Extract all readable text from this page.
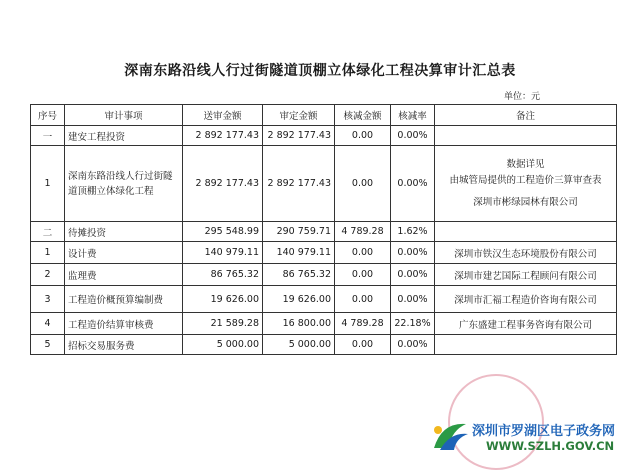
深南东路沿线人行过街隧道顶棚立体绿化工程决算审计汇总表
单位：元
序号	审计事项	送审金额	审定金额	核减金额	核减率	备注
一	建安工程投资	2 892 177.43	2 892 177.43	0.00	0.00%	
1	深南东路沿线人行过街隧道顶棚立体绿化工程	2 892 177.43	2 892 177.43	0.00	0.00%	数据详见
由城管局提供的工程造价三算审查表
深圳市彬绿园林有限公司

二	待摊投资	295 548.99	290 759.71	4 789.28	1.62%	
1	设计费	140 979.11	140 979.11	0.00	0.00%	深圳市铁汉生态环境股份有限公司
2	监理费	86 765.32	86 765.32	0.00	0.00%	深圳市建艺国际工程顾问有限公司
3	工程造价概预算编制费	19 626.00	19 626.00	0.00	0.00%	深圳市汇福工程造价咨询有限公司
4	工程造价结算审核费	21 589.28	16 800.00	4 789.28	22.18%	广东盛建工程事务咨询有限公司
5	招标交易服务费	5 000.00	5 000.00	0.00	0.00%	
深圳市罗湖区电子政务网
WWW.SZLH.GOV.CN
